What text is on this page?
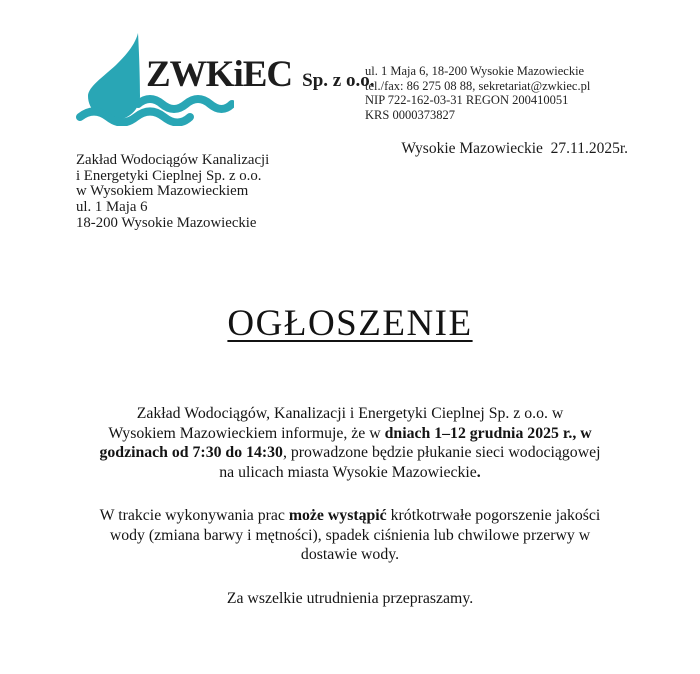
ZWKiEC Sp. z o.o.
ul. 1 Maja 6, 18-200 Wysokie Mazowieckie
tel./fax: 86 275 08 88, sekretariat@zwkiec.pl
NIP 722-162-03-31 REGON 200410051
KRS 0000373827
Wysokie Mazowieckie  27.11.2025r.
Zakład Wodociągów Kanalizacji
i Energetyki Cieplnej Sp. z o.o.
w Wysokiem Mazowieckiem
ul. 1 Maja 6
18-200 Wysokie Mazowieckie
OGŁOSZENIE

Zakład Wodociągów, Kanalizacji i Energetyki Cieplnej Sp. z o.o. w
Wysokiem Mazowieckiem informuje, że w dniach 1–12 grudnia 2025 r., w
godzinach od 7:30 do 14:30, prowadzone będzie płukanie sieci wodociągowej
na ulicach miasta Wysokie Mazowieckie.

W trakcie wykonywania prac może wystąpić krótkotrwałe pogorszenie jakości
wody (zmiana barwy i mętności), spadek ciśnienia lub chwilowe przerwy w
dostawie wody.

Za wszelkie utrudnienia przepraszamy.
